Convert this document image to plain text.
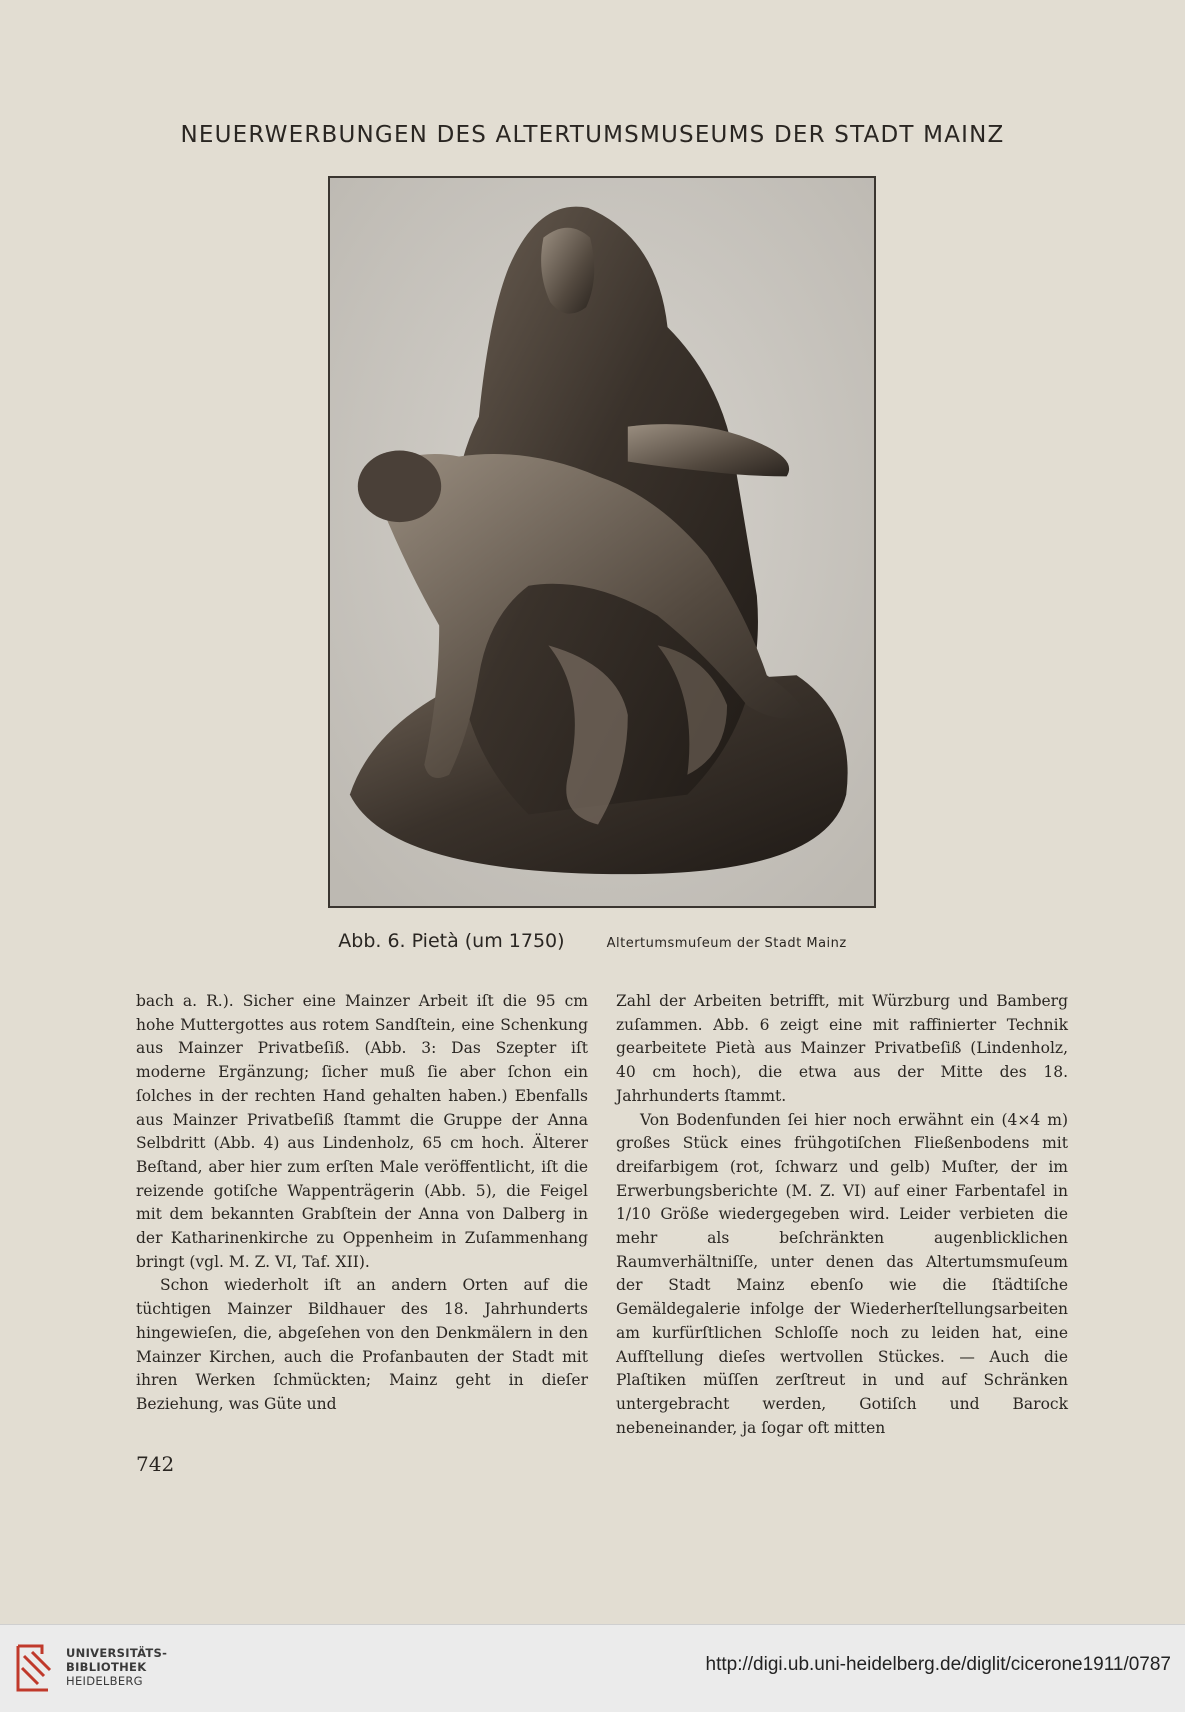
NEUERWERBUNGEN DES ALTERTUMSMUSEUMS DER STADT MAINZ
Abb. 6. Pietà (um 1750)	Altertumsmuſeum der Stadt Mainz

bach a. R.). Sicher eine Mainzer Arbeit iſt die 95 cm hohe Muttergottes aus rotem Sandſtein, eine Schenkung aus Mainzer Privatbeſiß. (Abb. 3: Das Szepter iſt moderne Ergänzung; ſicher muß ſie aber ſchon ein ſolches in der rechten Hand gehalten haben.) Ebenfalls aus Mainzer Privatbeſiß ſtammt die Gruppe der Anna Selbdritt (Abb. 4) aus Lindenholz, 65 cm hoch. Älterer Beſtand, aber hier zum erſten Male veröffentlicht, iſt die reizende gotiſche Wappenträgerin (Abb. 5), die Feigel mit dem bekannten Grabſtein der Anna von Dalberg in der Katharinenkirche zu Oppenheim in Zuſammenhang bringt (vgl. M. Z. VI, Taf. XII).

Schon wiederholt iſt an andern Orten auf die tüchtigen Mainzer Bildhauer des 18. Jahrhunderts hingewieſen, die, abgeſehen von den Denkmälern in den Mainzer Kirchen, auch die Profanbauten der Stadt mit ihren Werken ſchmückten; Mainz geht in dieſer Beziehung, was Güte und

Zahl der Arbeiten betrifft, mit Würzburg und Bamberg zuſammen. Abb. 6 zeigt eine mit raffinierter Technik gearbeitete Pietà aus Mainzer Privatbeſiß (Lindenholz, 40 cm hoch), die etwa aus der Mitte des 18. Jahrhunderts ſtammt.

Von Bodenfunden ſei hier noch erwähnt ein (4×4 m) großes Stück eines frühgotiſchen Fließenbodens mit dreifarbigem (rot, ſchwarz und gelb) Muſter, der im Erwerbungsberichte (M. Z. VI) auf einer Farbentafel in 1/10 Größe wiedergegeben wird. Leider verbieten die mehr als beſchränkten augenblicklichen Raumverhältniſſe, unter denen das Altertumsmuſeum der Stadt Mainz ebenſo wie die ſtädtiſche Gemäldegalerie infolge der Wiederherſtellungsarbeiten am kurfürſtlichen Schloſſe noch zu leiden hat, eine Aufſtellung dieſes wertvollen Stückes. — Auch die Plaſtiken müſſen zerſtreut in und auf Schränken untergebracht werden, Gotiſch und Barock nebeneinander, ja ſogar oft mitten

742
UNIVERSITÄTS-
BIBLIOTHEK
HEIDELBERG
http://digi.ub.uni-heidelberg.de/diglit/cicerone1911/0787
